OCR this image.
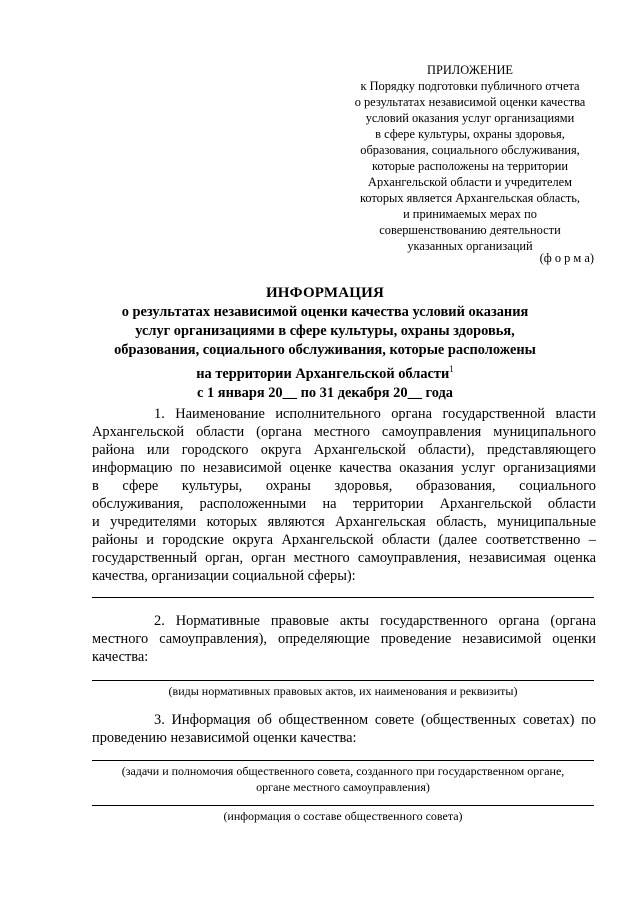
ПРИЛОЖЕНИЕ
к Порядку подготовки публичного отчета
о результатах независимой оценки качества
условий оказания услуг организациями
в сфере культуры, охраны здоровья,
образования, социального обслуживания,
которые расположены на территории
Архангельской области и учредителем
которых является Архангельская область,
и принимаемых мерах по
совершенствованию деятельности
указанных организаций
(ф о р м а)
ИНФОРМАЦИЯ
о результатах независимой оценки качества условий оказания
услуг организациями в сфере культуры, охраны здоровья,
образования, социального обслуживания, которые расположены
на территории Архангельской области$^1$
с 1 января 20__ по 31 декабря 20__ года
1. Наименование исполнительного органа государственной власти
Архангельской области (органа местного самоуправления муниципального
района или городского округа Архангельской области), представляющего
информацию по независимой оценке качества оказания услуг организациями
в сфере культуры, охраны здоровья, образования, социального
обслуживания, расположенными на территории Архангельской области
и учредителями которых являются Архангельская область, муниципальные
районы и городские округа Архангельской области (далее соответственно –
государственный орган, орган местного самоуправления, независимая оценка
качества, организации социальной сферы):
2. Нормативные правовые акты государственного органа (органа
местного самоуправления), определяющие проведение независимой оценки
качества:
(виды нормативных правовых актов, их наименования и реквизиты)
3. Информация об общественном совете (общественных советах) по
проведению независимой оценки качества:
(задачи и полномочия общественного совета, созданного при государственном органе,
органе местного самоуправления)
(информация о составе общественного совета)
